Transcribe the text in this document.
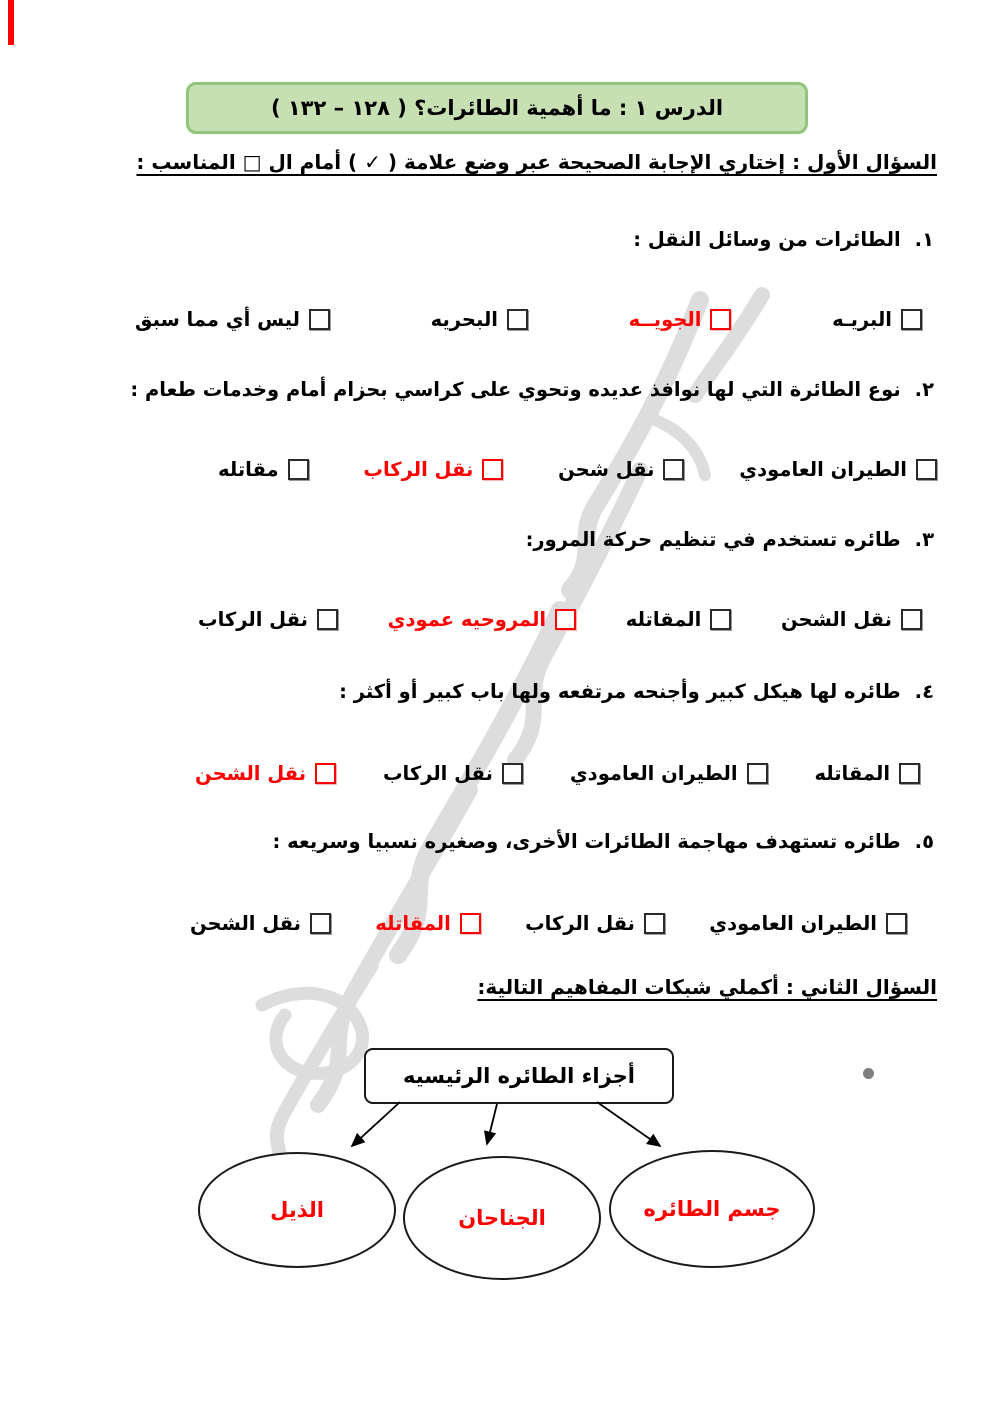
الدرس ١ : ما أهمية الطائرات؟ ( ١٢٨ – ١٣٢ )
السؤال الأول : إختاري الإجابة الصحيحة عبر وضع علامة ( ✓ ) أمام ال □ المناسب :
١.الطائرات من وسائل النقل :
البريـه
الجويــه
البحريه
ليس أي مما سبق
٢.نوع الطائرة التي لها نوافذ عديده وتحوي على كراسي بحزام أمام وخدمات طعام :
الطيران العامودي
نقل شحن
نقل الركاب
مقاتله
٣.طائره تستخدم في تنظيم حركة المرور:
نقل الشحن
المقاتله
المروحيه عمودي
نقل الركاب
٤.طائره لها هيكل كبير وأجنحه مرتفعه ولها باب كبير أو أكثر :
المقاتله
الطيران العامودي
نقل الركاب
نقل الشحن
٥.طائره تستهدف مهاجمة الطائرات الأخرى، وصغيره نسبيا وسريعه :
الطيران العامودي
نقل الركاب
المقاتله
نقل الشحن
السؤال الثاني : أكملي شبكات المفاهيم التالية:
أجزاء الطائره الرئيسيه
الذيل	الجناحان	جسم الطائره
